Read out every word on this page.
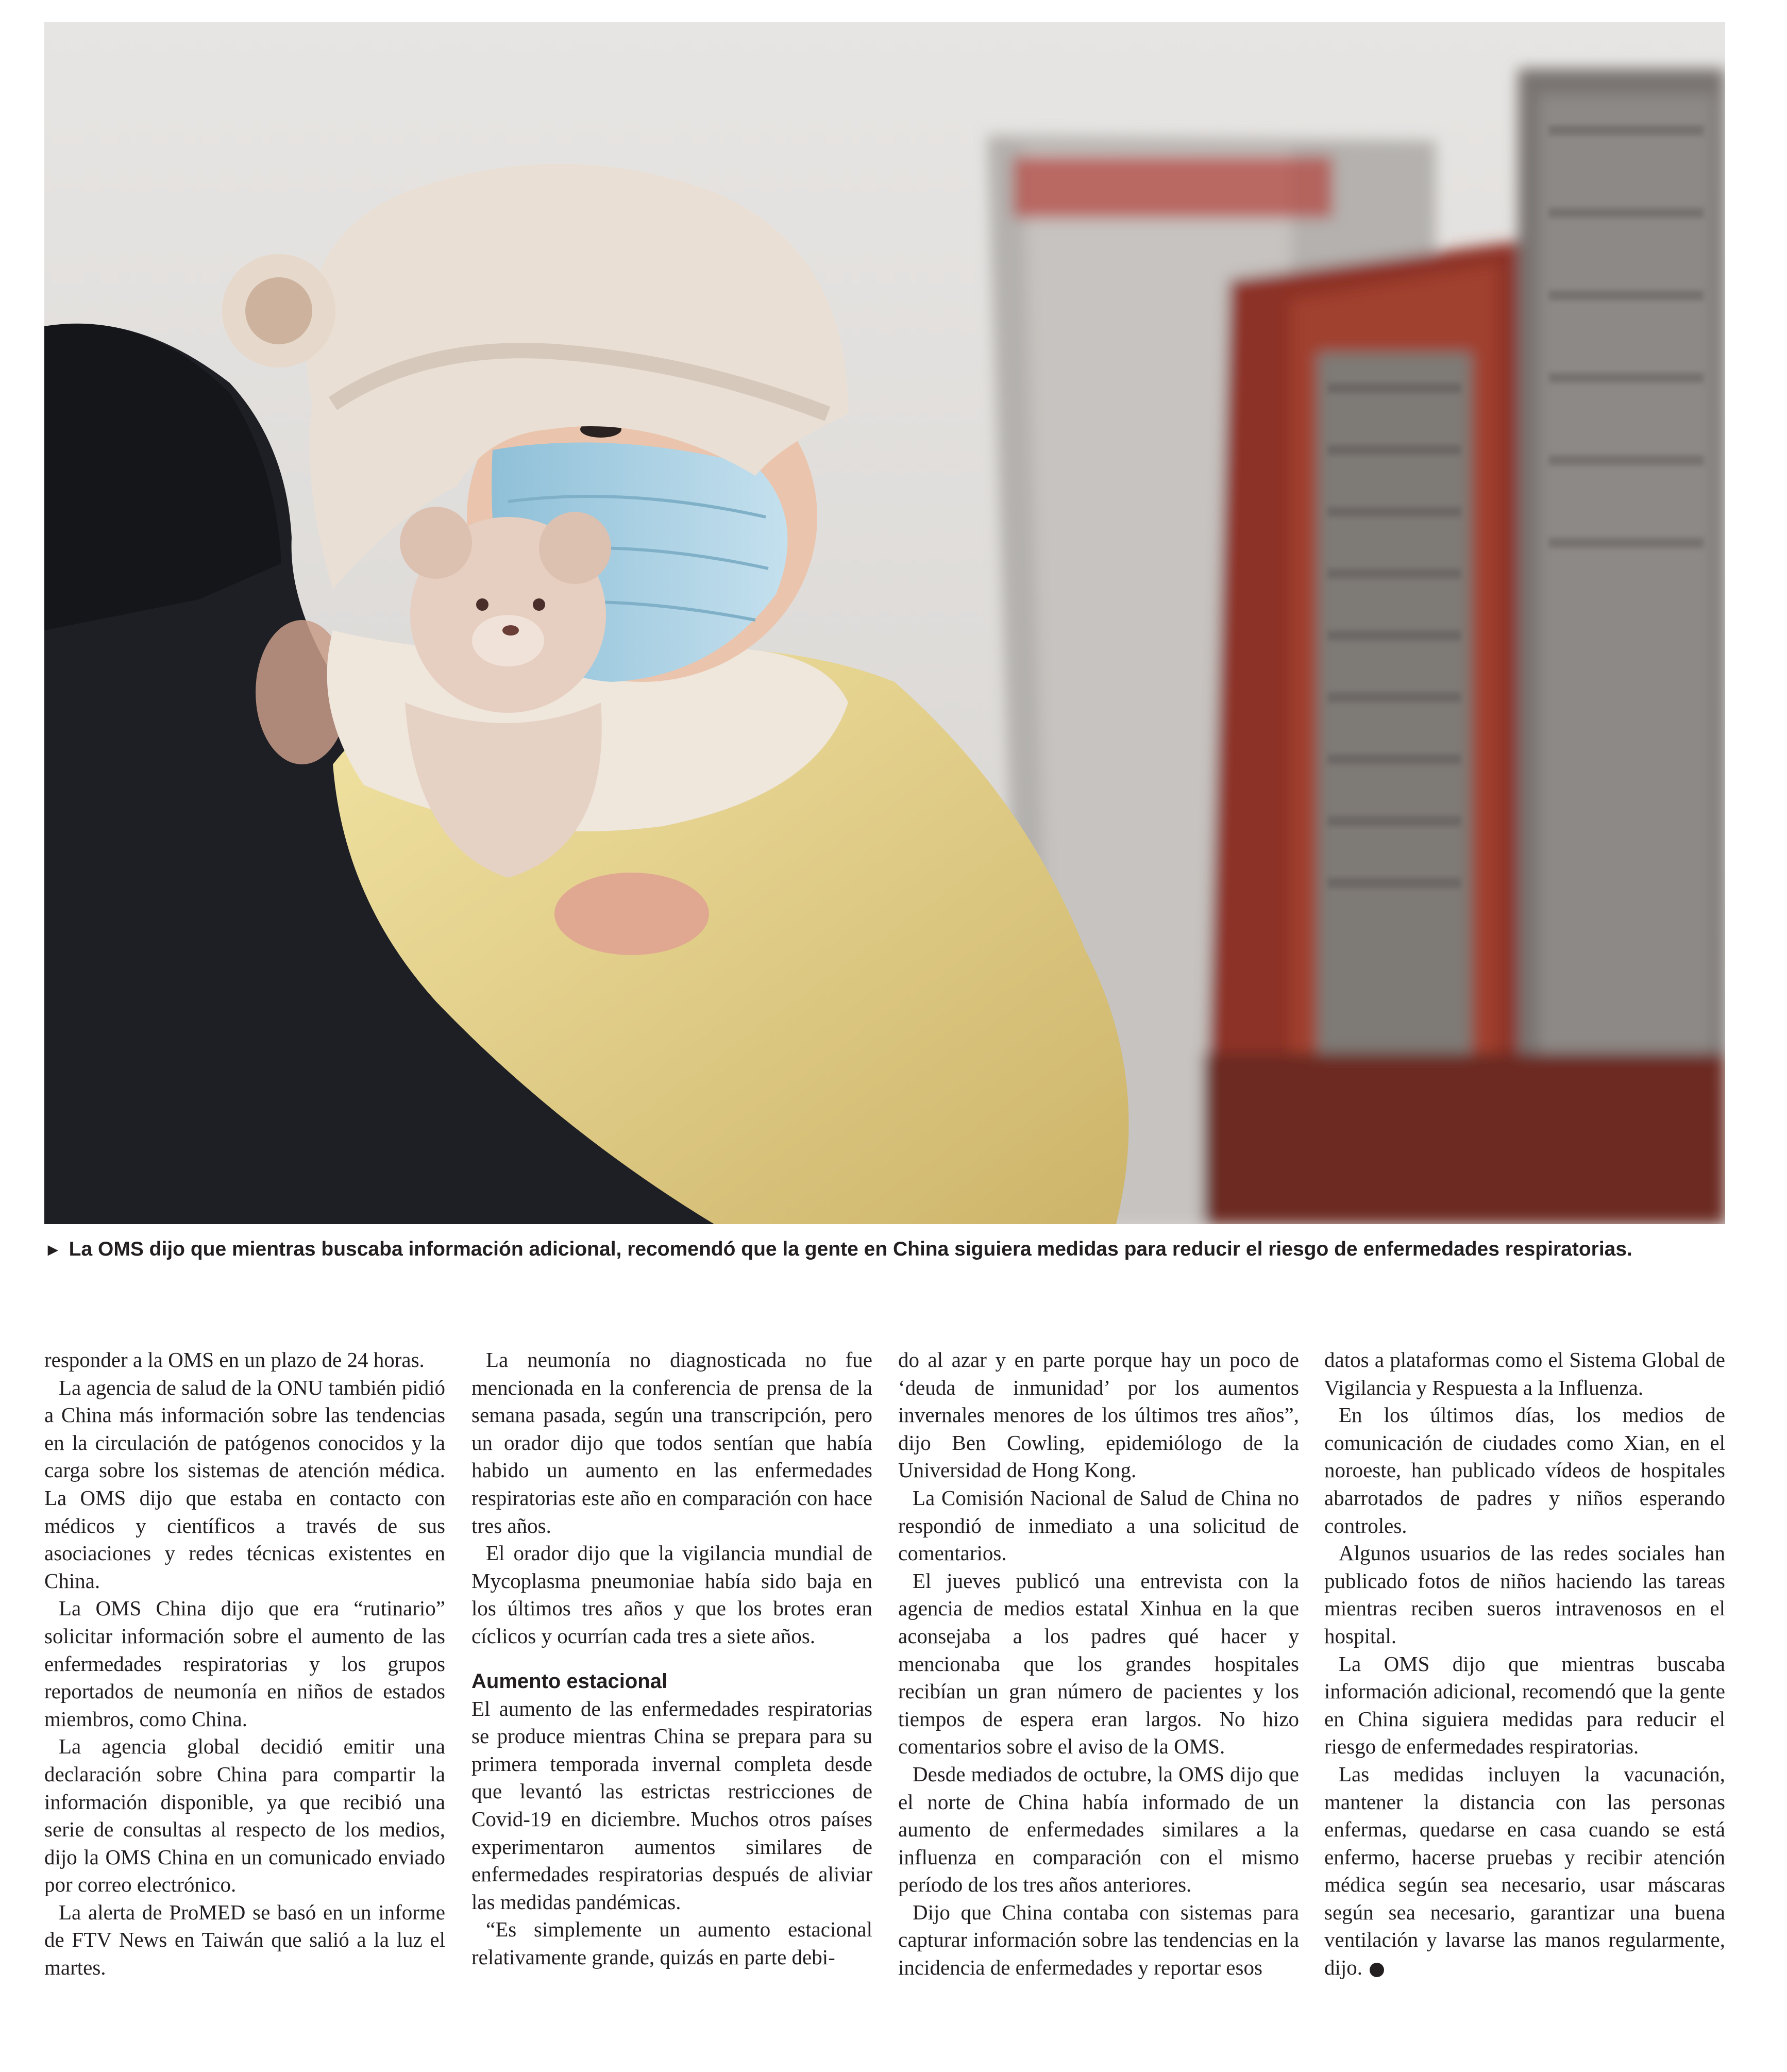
► La OMS dijo que mientras buscaba información adicional, recomendó que la gente en China siguiera medidas para reducir el riesgo de enfermedades respiratorias.

responder a la OMS en un plazo de 24 horas.

La agencia de salud de la ONU también pidió a China más información sobre las tendencias en la circulación de patógenos conocidos y la carga sobre los sistemas de atención médica. La OMS dijo que estaba en contacto con médicos y científicos a través de sus asociaciones y redes técnicas existentes en China.

La OMS China dijo que era “rutinario” solicitar información sobre el aumento de las enfermedades respiratorias y los grupos reportados de neumonía en niños de estados miembros, como China.

La agencia global decidió emitir una declaración sobre China para compartir la información disponible, ya que recibió una serie de consultas al respecto de los medios, dijo la OMS China en un comunicado enviado por correo electrónico.

La alerta de ProMED se basó en un informe de FTV News en Taiwán que salió a la luz el martes.

La neumonía no diagnosticada no fue mencionada en la conferencia de prensa de la semana pasada, según una transcripción, pero un orador dijo que todos sentían que había habido un aumento en las enfermedades respiratorias este año en comparación con hace tres años.

El orador dijo que la vigilancia mundial de Mycoplasma pneumoniae había sido baja en los últimos tres años y que los brotes eran cíclicos y ocurrían cada tres a siete años.

Aumento estacional

El aumento de las enfermedades respiratorias se produce mientras China se prepara para su primera temporada invernal completa desde que levantó las estrictas restricciones de Covid-19 en diciembre. Muchos otros países experimentaron aumentos similares de enfermedades respiratorias después de aliviar las medidas pandémicas.

“Es simplemente un aumento estacional relativamente grande, quizás en parte debi-

do al azar y en parte porque hay un poco de ‘deuda de inmunidad’ por los aumentos invernales menores de los últimos tres años”, dijo Ben Cowling, epidemiólogo de la Universidad de Hong Kong.

La Comisión Nacional de Salud de China no respondió de inmediato a una solicitud de comentarios.

El jueves publicó una entrevista con la agencia de medios estatal Xinhua en la que aconsejaba a los padres qué hacer y mencionaba que los grandes hospitales recibían un gran número de pacientes y los tiempos de espera eran largos. No hizo comentarios sobre el aviso de la OMS.

Desde mediados de octubre, la OMS dijo que el norte de China había informado de un aumento de enfermedades similares a la influenza en comparación con el mismo período de los tres años anteriores.

Dijo que China contaba con sistemas para capturar información sobre las tendencias en la incidencia de enfermedades y reportar esos

datos a plataformas como el Sistema Global de Vigilancia y Respuesta a la Influenza.

En los últimos días, los medios de comunicación de ciudades como Xian, en el noroeste, han publicado vídeos de hospitales abarrotados de padres y niños esperando controles.

Algunos usuarios de las redes sociales han publicado fotos de niños haciendo las tareas mientras reciben sueros intravenosos en el hospital.

La OMS dijo que mientras buscaba información adicional, recomendó que la gente en China siguiera medidas para reducir el riesgo de enfermedades respiratorias.

Las medidas incluyen la vacunación, mantener la distancia con las personas enfermas, quedarse en casa cuando se está enfermo, hacerse pruebas y recibir atención médica según sea necesario, usar máscaras según sea necesario, garantizar una buena ventilación y lavarse las manos regularmente, dijo.
